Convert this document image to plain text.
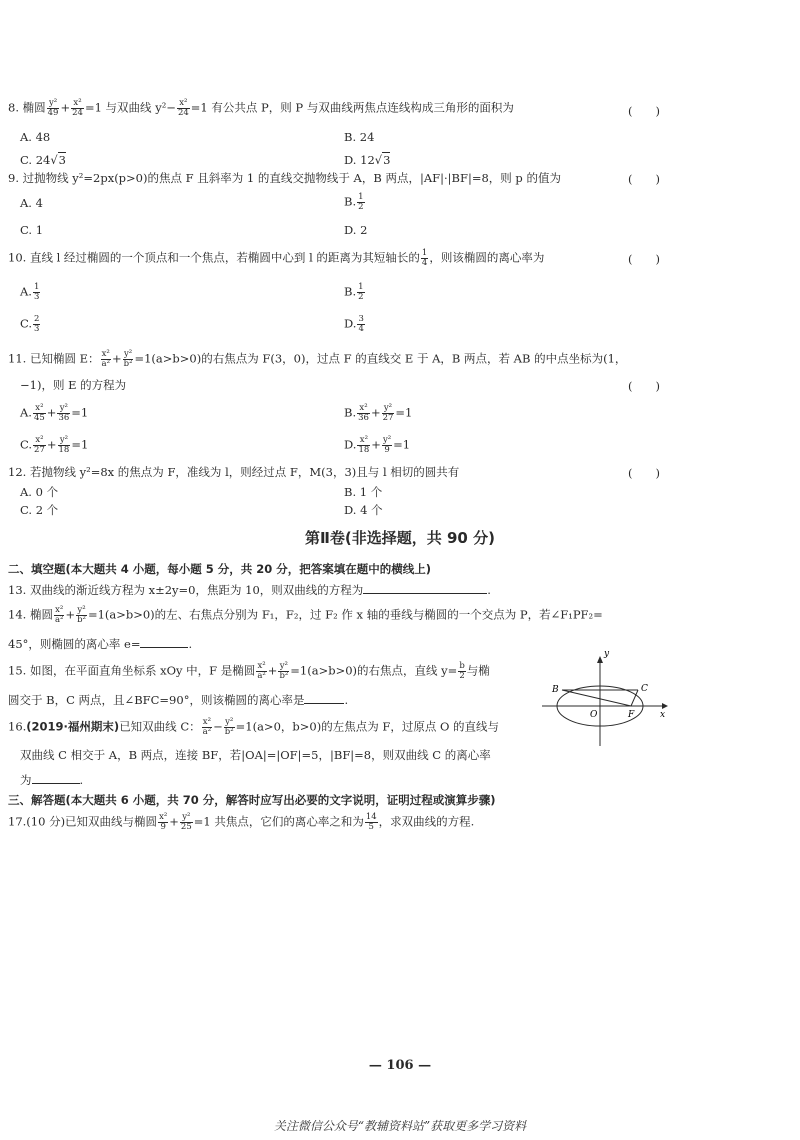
8. 椭圆 $\frac{\text{y²}}{49} + \frac{\text{x²}}{24} =1$ 与双曲线 $y^2- \frac{\text{x²}}{24} =1$ 有公共点 P，则 P 与双曲线两焦点连线构成三角形的面积为	(　　)
A. 48	B. 24
C. 24√3	D. 12√3
9. 过抛物线 y²=2px(p>0)的焦点 F 且斜率为 1 的直线交抛物线于 A，B 两点，|AF|·|BF|=8，则 p 的值为	(　　)
A. 4	B. $\frac{1}{2}$
C. 1	D. 2
10. 直线 l 经过椭圆的一个顶点和一个焦点，若椭圆中心到 l 的距离为其短轴长的 $\frac{1}{4}$ ，则该椭圆的离心率为	(　　)
A. $\frac{1}{3}$	B. $\frac{1}{2}$
C. $\frac{2}{3}$	D. $\frac{3}{4}$
11. 已知椭圆 E： $\frac{\text{x²}}{\text{a²}} + \frac{\text{y²}}{\text{b²}} =1(a>b>0)$的右焦点为 F(3，0)，过点 F 的直线交 E 于 A，B 两点，若 AB 的中点坐标为(1，
−1)，则 E 的方程为	(　　)
A. $\frac{\text{x²}}{45} + \frac{\text{y²}}{36} =1$	B. $\frac{\text{x²}}{36} + \frac{\text{y²}}{27} =1$
C. $\frac{\text{x²}}{27} + \frac{\text{y²}}{18} =1$	D. $\frac{\text{x²}}{18} + \frac{\text{y²}}{9} =1$
12. 若抛物线 y²=8x 的焦点为 F，准线为 l，则经过点 F，M(3，3)且与 l 相切的圆共有	(　　)
A. 0 个	B. 1 个
C. 2 个	D. 4 个
第Ⅱ卷(非选择题，共 90 分)
二、填空题(本大题共 4 小题，每小题 5 分，共 20 分，把答案填在题中的横线上)
13. 双曲线的渐近线方程为 x±2y=0，焦距为 10，则双曲线的方程为	.
14. 椭圆 $\frac{\text{x²}}{\text{a²}} + \frac{\text{y²}}{\text{b²}} =1(a>b>0)$的左、右焦点分别为 F₁，F₂，过 F₂ 作 x 轴的垂线与椭圆的一个交点为 P，若∠F₁PF₂=
45°，则椭圆的离心率 e=	.
15. 如图，在平面直角坐标系 xOy 中，F 是椭圆 $\frac{\text{x²}}{\text{a²}} + \frac{\text{y²}}{\text{b²}} =1(a>b>0)$的右焦点，直线 $y= \frac{b}{2}$ 与椭
圆交于 B，C 两点，且∠BFC=90°，则该椭圆的离心率是	.
y
x
O
B	C
F
16.(2019·福州期末)已知双曲线 C： $\frac{\text{x²}}{\text{a²}} - \frac{\text{y²}}{\text{b²}} =1(a>0$，b>0)的左焦点为 F，过原点 O 的直线与
双曲线 C 相交于 A，B 两点，连接 BF，若|OA|=|OF|=5，|BF|=8，则双曲线 C 的离心率
为	.
三、解答题(本大题共 6 小题，共 70 分，解答时应写出必要的文字说明，证明过程或演算步骤)
17.(10 分)已知双曲线与椭圆 $\frac{\text{x²}}{9} + \frac{\text{y²}}{25} =1$ 共焦点，它们的离心率之和为 $\frac{14}{5}$ ，求双曲线的方程.
— 106 —
关注微信公众号“教辅资料站”获取更多学习资料
